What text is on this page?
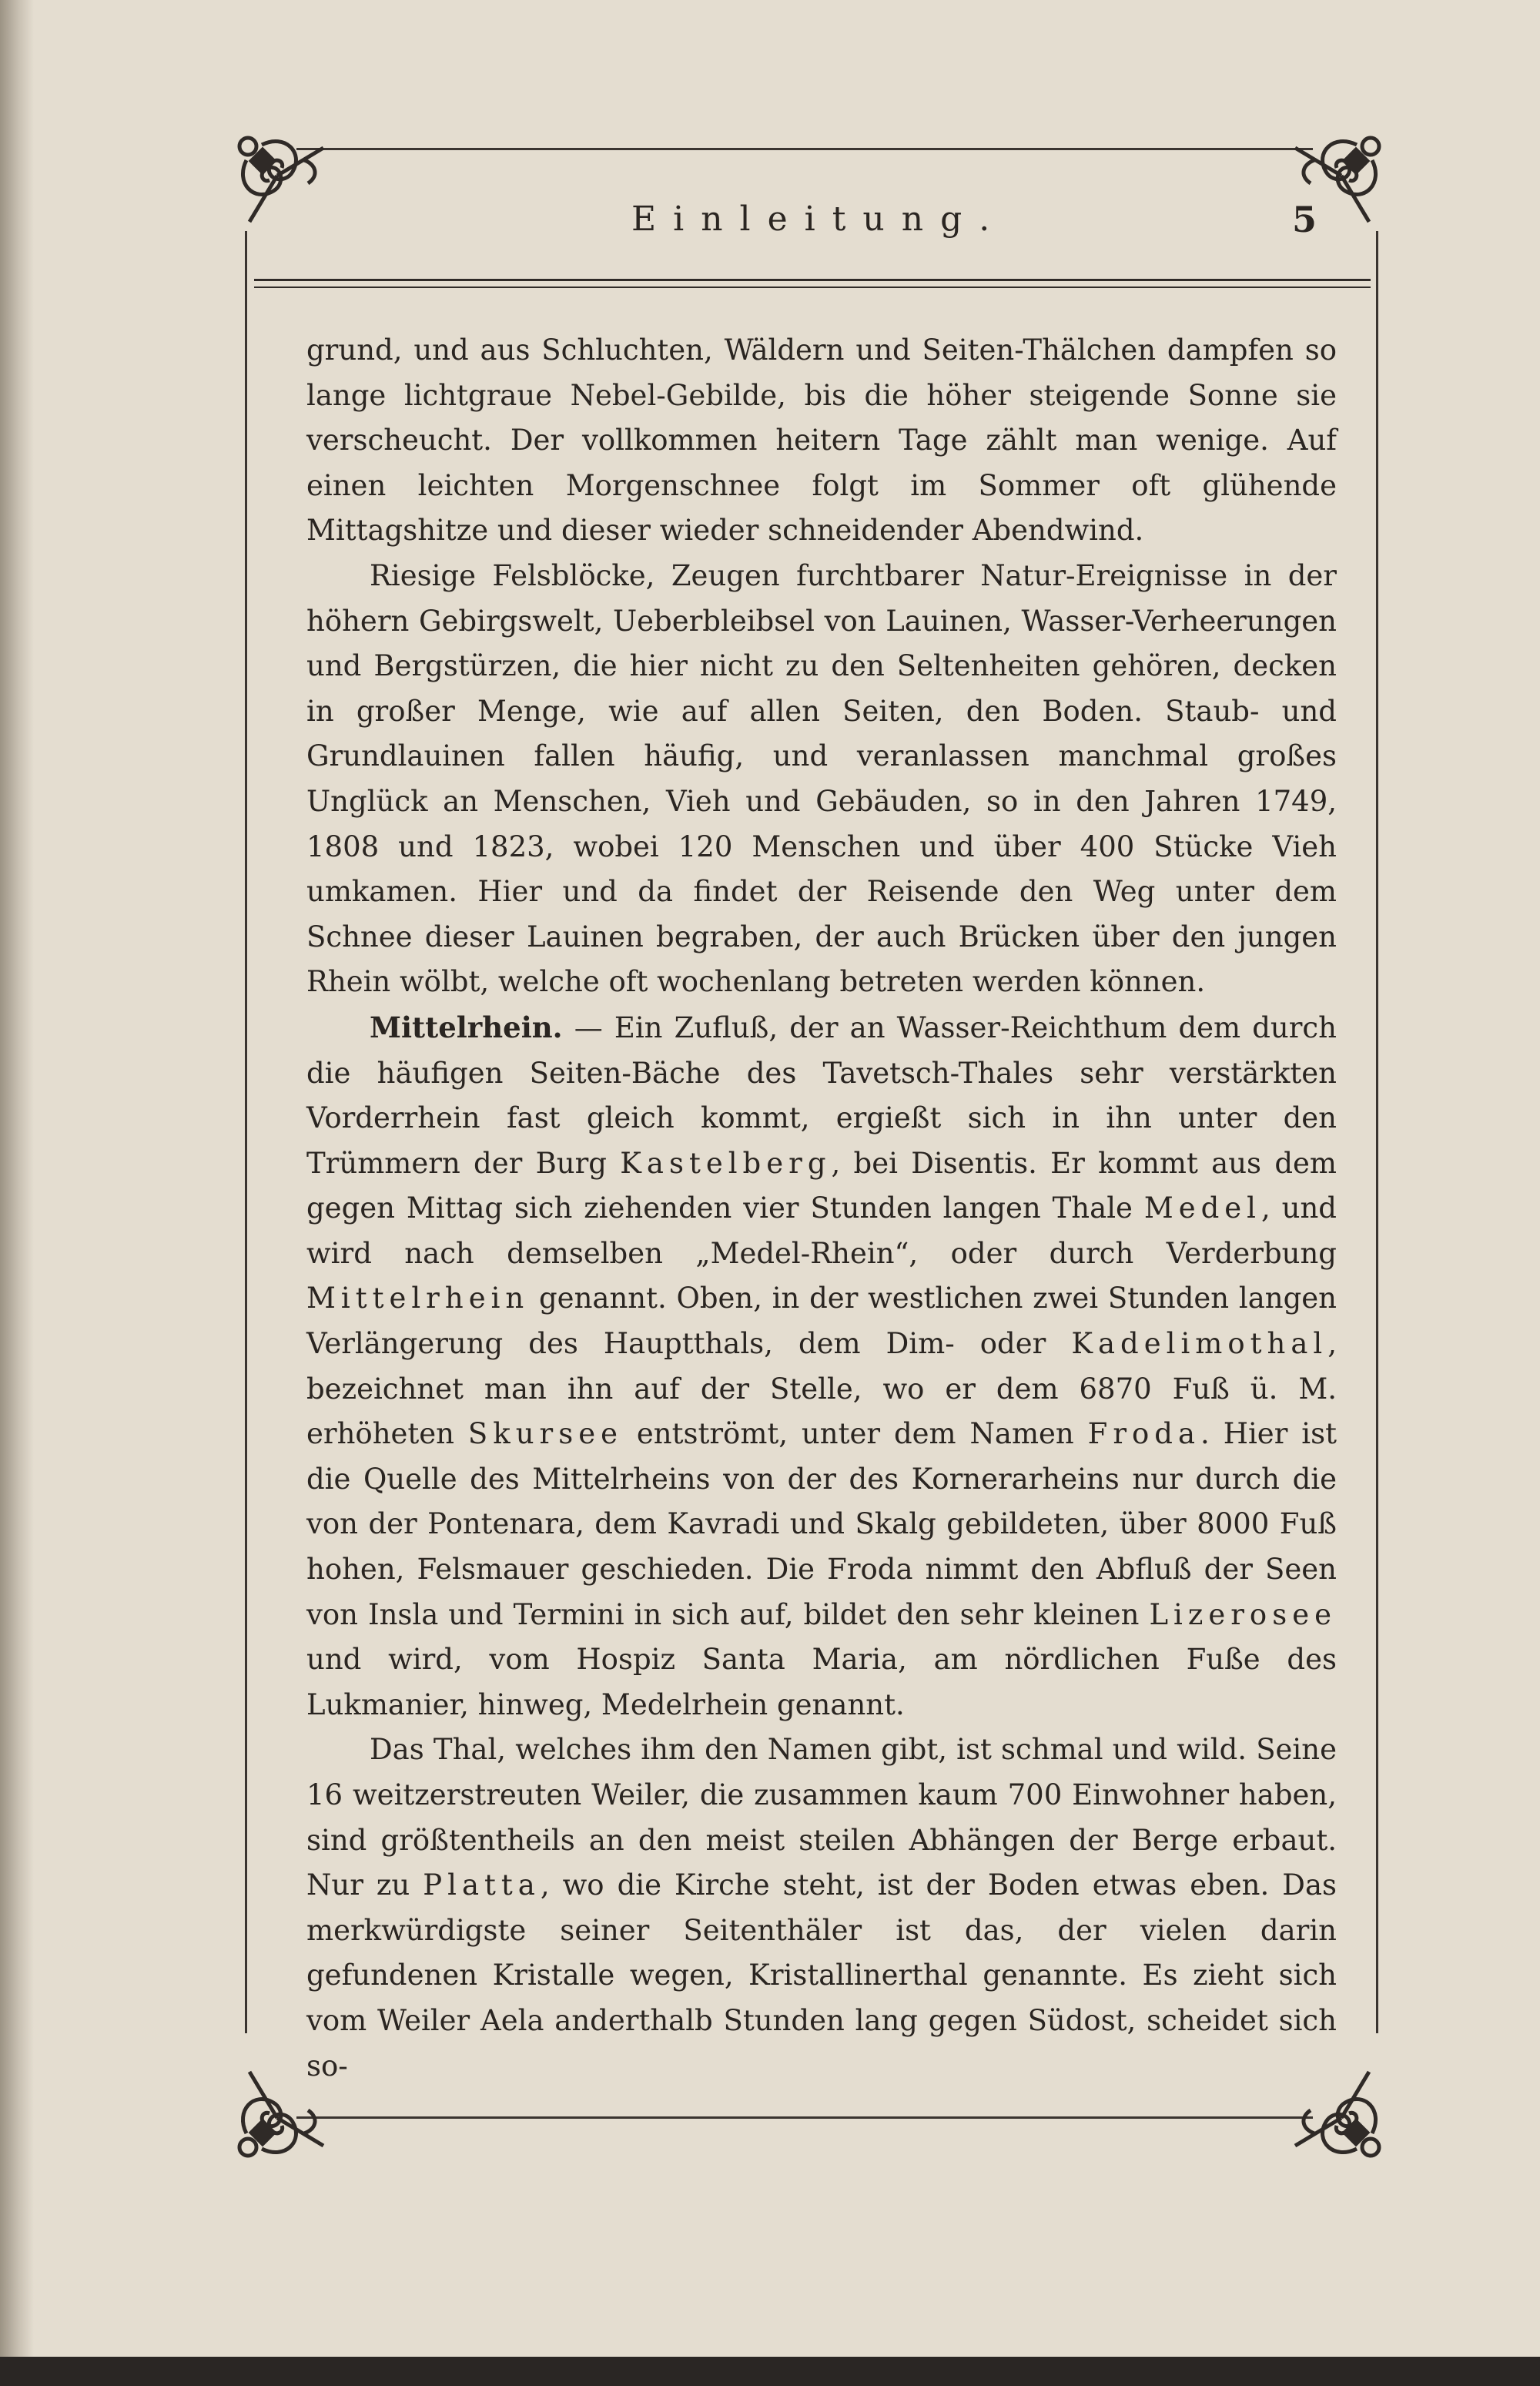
Einleitung.	5

grund, und aus Schluchten, Wäldern und Seiten-Thälchen dampfen so lange lichtgraue Nebel-Gebilde, bis die höher steigende Sonne sie verscheucht. Der vollkommen heitern Tage zählt man wenige. Auf einen leichten Morgenschnee folgt im Sommer oft glühende Mittagshitze und dieser wieder schneidender Abendwind.

Riesige Felsblöcke, Zeugen furchtbarer Natur-Ereignisse in der höhern Gebirgswelt, Ueberbleibsel von Lauinen, Wasser-Verheerungen und Bergstürzen, die hier nicht zu den Seltenheiten gehören, decken in großer Menge, wie auf allen Seiten, den Boden. Staub- und Grundlauinen fallen häufig, und veranlassen manchmal großes Unglück an Menschen, Vieh und Gebäuden, so in den Jahren 1749, 1808 und 1823, wobei 120 Menschen und über 400 Stücke Vieh umkamen. Hier und da findet der Reisende den Weg unter dem Schnee dieser Lauinen begraben, der auch Brücken über den jungen Rhein wölbt, welche oft wochenlang betreten werden können.

Mittelrhein. — Ein Zufluß, der an Wasser-Reichthum dem durch die häufigen Seiten-Bäche des Tavetsch-Thales sehr verstärkten Vorderrhein fast gleich kommt, ergießt sich in ihn unter den Trümmern der Burg Kastelberg, bei Disentis. Er kommt aus dem gegen Mittag sich ziehenden vier Stunden langen Thale Medel, und wird nach demselben „Medel-Rhein“, oder durch Verderbung Mittelrhein genannt. Oben, in der westlichen zwei Stunden langen Verlängerung des Hauptthals, dem Dim- oder Kadelimothal, bezeichnet man ihn auf der Stelle, wo er dem 6870 Fuß ü. M. erhöheten Skursee entströmt, unter dem Namen Froda. Hier ist die Quelle des Mittelrheins von der des Kornerarheins nur durch die von der Pontenara, dem Kavradi und Skalg gebildeten, über 8000 Fuß hohen, Felsmauer geschieden. Die Froda nimmt den Abfluß der Seen von Insla und Termini in sich auf, bildet den sehr kleinen Lizerosee und wird, vom Hospiz Santa Maria, am nördlichen Fuße des Lukmanier, hinweg, Medelrhein genannt.

Das Thal, welches ihm den Namen gibt, ist schmal und wild. Seine 16 weitzerstreuten Weiler, die zusammen kaum 700 Einwohner haben, sind größtentheils an den meist steilen Abhängen der Berge erbaut. Nur zu Platta, wo die Kirche steht, ist der Boden etwas eben. Das merkwürdigste seiner Seitenthäler ist das, der vielen darin gefundenen Kristalle wegen, Kristallinerthal genannte. Es zieht sich vom Weiler Aela anderthalb Stunden lang gegen Südost, scheidet sich so-
